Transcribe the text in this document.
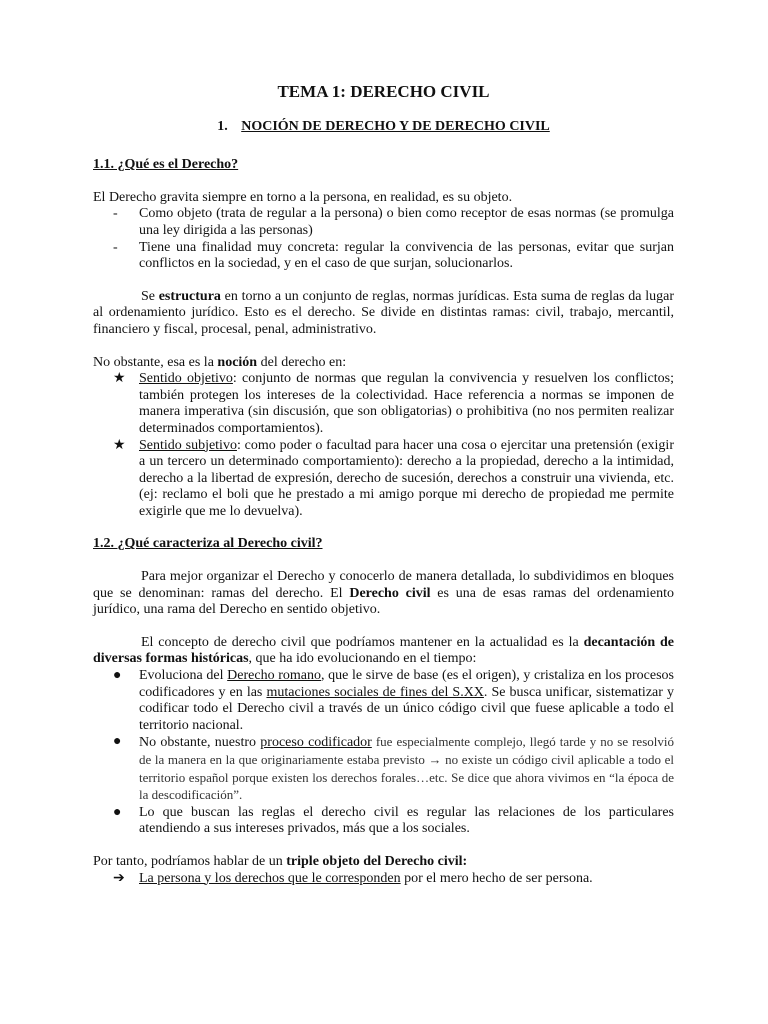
TEMA 1: DERECHO CIVIL
1. NOCIÓN DE DERECHO Y DE DERECHO CIVIL
1.1. ¿Qué es el Derecho?

El Derecho gravita siempre en torno a la persona, en realidad, es su objeto.

- Como objeto (trata de regular a la persona) o bien como receptor de esas normas (se promulga una ley dirigida a las personas)
- Tiene una finalidad muy concreta: regular la convivencia de las personas, evitar que surjan conflictos en la sociedad, y en el caso de que surjan, solucionarlos.

Se estructura en torno a un conjunto de reglas, normas jurídicas. Esta suma de reglas da lugar al ordenamiento jurídico. Esto es el derecho. Se divide en distintas ramas: civil, trabajo, mercantil, financiero y fiscal, procesal, penal, administrativo.

No obstante, esa es la noción del derecho en:

★ Sentido objetivo: conjunto de normas que regulan la convivencia y resuelven los conflictos; también protegen los intereses de la colectividad. Hace referencia a normas se imponen de manera imperativa (sin discusión, que son obligatorias) o prohibitiva (no nos permiten realizar determinados comportamientos).
★ Sentido subjetivo: como poder o facultad para hacer una cosa o ejercitar una pretensión (exigir a un tercero un determinado comportamiento): derecho a la propiedad, derecho a la intimidad, derecho a la libertad de expresión, derecho de sucesión, derechos a construir una vivienda, etc. (ej: reclamo el boli que he prestado a mi amigo porque mi derecho de propiedad me permite exigirle que me lo devuelva).
1.2. ¿Qué caracteriza al Derecho civil?

Para mejor organizar el Derecho y conocerlo de manera detallada, lo subdividimos en bloques que se denominan: ramas del derecho. El Derecho civil es una de esas ramas del ordenamiento jurídico, una rama del Derecho en sentido objetivo.

El concepto de derecho civil que podríamos mantener en la actualidad es la decantación de diversas formas históricas, que ha ido evolucionando en el tiempo:

● Evoluciona del Derecho romano, que le sirve de base (es el origen), y cristaliza en los procesos codificadores y en las mutaciones sociales de fines del S.XX. Se busca unificar, sistematizar y codificar todo el Derecho civil a través de un único código civil que fuese aplicable a todo el territorio nacional.
● No obstante, nuestro proceso codificador fue especialmente complejo, llegó tarde y no se resolvió de la manera en la que originariamente estaba previsto → no existe un código civil aplicable a todo el territorio español porque existen los derechos forales…etc. Se dice que ahora vivimos en “la época de la descodificación”.
● Lo que buscan las reglas el derecho civil es regular las relaciones de los particulares atendiendo a sus intereses privados, más que a los sociales.

Por tanto, podríamos hablar de un triple objeto del Derecho civil:

➔ La persona y los derechos que le corresponden por el mero hecho de ser persona.
